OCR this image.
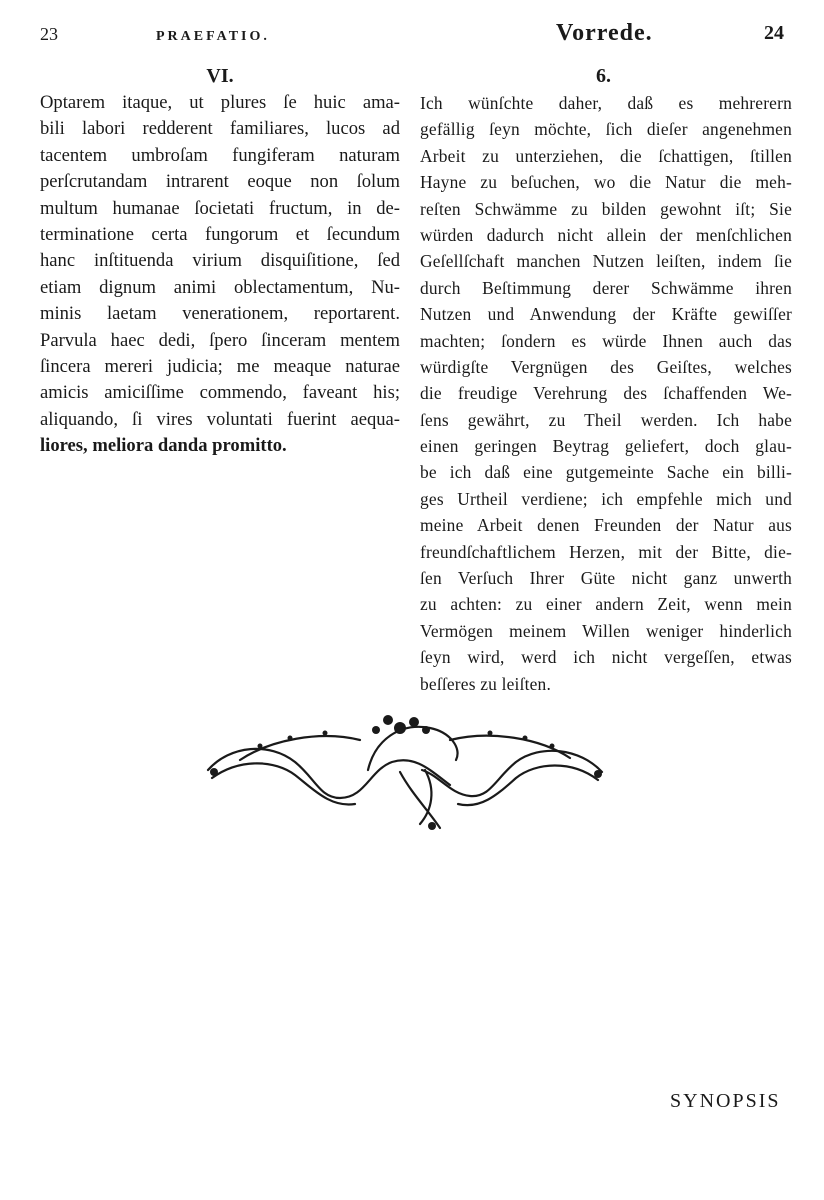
23	PRAEFATIO.	Vorrede.	24
VI.
Optarem itaque, ut plures ſe huic ama-
bili labori redderent familiares, lucos ad
tacentem umbroſam fungiferam naturam
perſcrutandam intrarent eoque non ſolum
multum humanae ſocietati fructum, in de-
terminatione certa fungorum et ſecundum
hanc inſtituenda virium disquiſitione, ſed
etiam dignum animi oblectamentum, Nu-
minis laetam venerationem, reportarent.
Parvula haec dedi, ſpero ſinceram mentem
ſincera mereri judicia; me meaque naturae
amicis amiciſſime commendo, faveant his;
aliquando, ſi vires voluntati fuerint aequa-
liores, meliora danda promitto.
6.
Ich wünſchte daher, daß es mehrerern
gefällig ſeyn möchte, ſich dieſer angenehmen
Arbeit zu unterziehen, die ſchattigen, ſtillen
Hayne zu beſuchen, wo die Natur die meh-
reſten Schwämme zu bilden gewohnt iſt; Sie
würden dadurch nicht allein der menſchlichen
Geſellſchaft manchen Nutzen leiſten, indem ſie
durch Beſtimmung derer Schwämme ihren
Nutzen und Anwendung der Kräfte gewiſſer
machten; ſondern es würde Ihnen auch das
würdigſte Vergnügen des Geiſtes, welches
die freudige Verehrung des ſchaffenden We-
ſens gewährt, zu Theil werden. Ich habe
einen geringen Beytrag geliefert, doch glau-
be ich daß eine gutgemeinte Sache ein billi-
ges Urtheil verdiene; ich empfehle mich und
meine Arbeit denen Freunden der Natur aus
freundſchaftlichem Herzen, mit der Bitte, die-
ſen Verſuch Ihrer Güte nicht ganz unwerth
zu achten: zu einer andern Zeit, wenn mein
Vermögen meinem Willen weniger hinderlich
ſeyn wird, werd ich nicht vergeſſen, etwas
beſſeres zu leiſten.
SYNOPSIS
